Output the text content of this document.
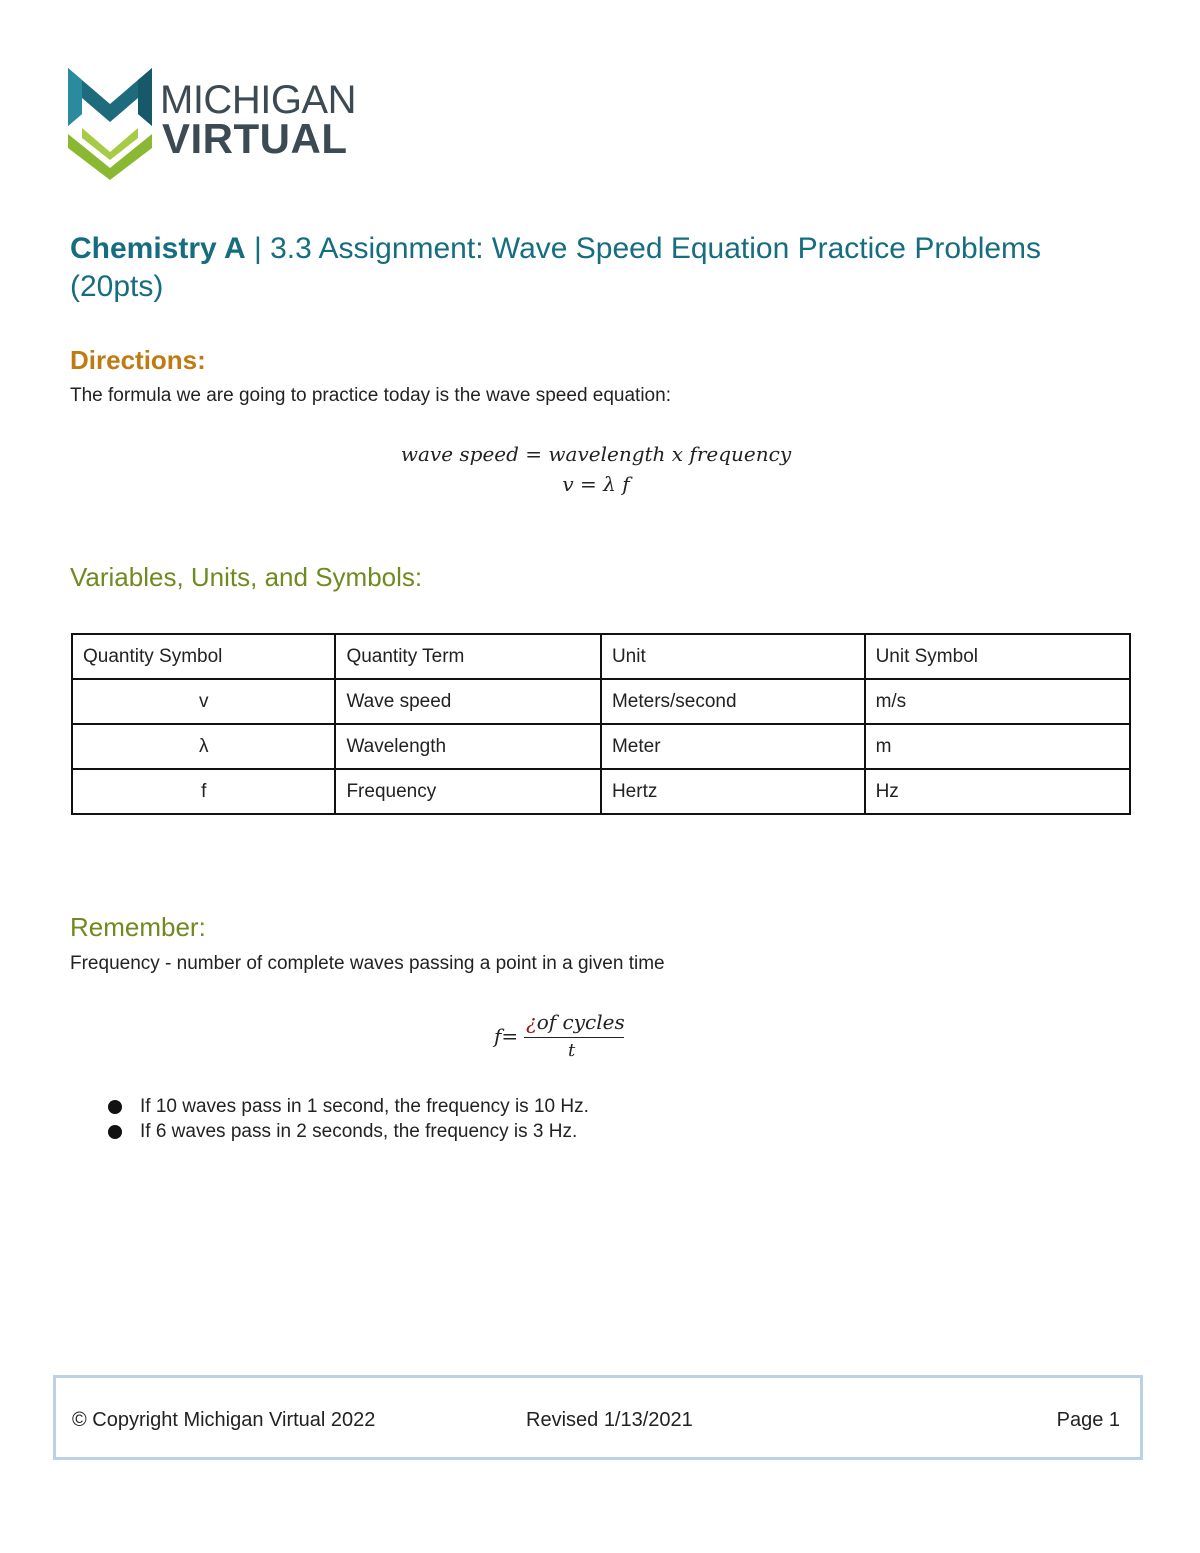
MICHIGAN
VIRTUAL
Chemistry A | 3.3 Assignment: Wave Speed Equation Practice Problems (20pts)
Directions:
The formula we are going to practice today is the wave speed equation:
wave speed = wavelength x frequency
v = λ f
Variables, Units, and Symbols:
Quantity Symbol	Quantity Term	Unit	Unit Symbol
v	Wave speed	Meters/second	m/s
λ	Wavelength	Meter	m
f	Frequency	Hertz	Hz
Remember:
Frequency - number of complete waves passing a point in a given time
f=
¿of cycles
t
If 10 waves pass in 1 second, the frequency is 10 Hz.
If 6 waves pass in 2 seconds, the frequency is 3 Hz.
© Copyright Michigan Virtual 2022	Revised 1/13/2021	Page 1
